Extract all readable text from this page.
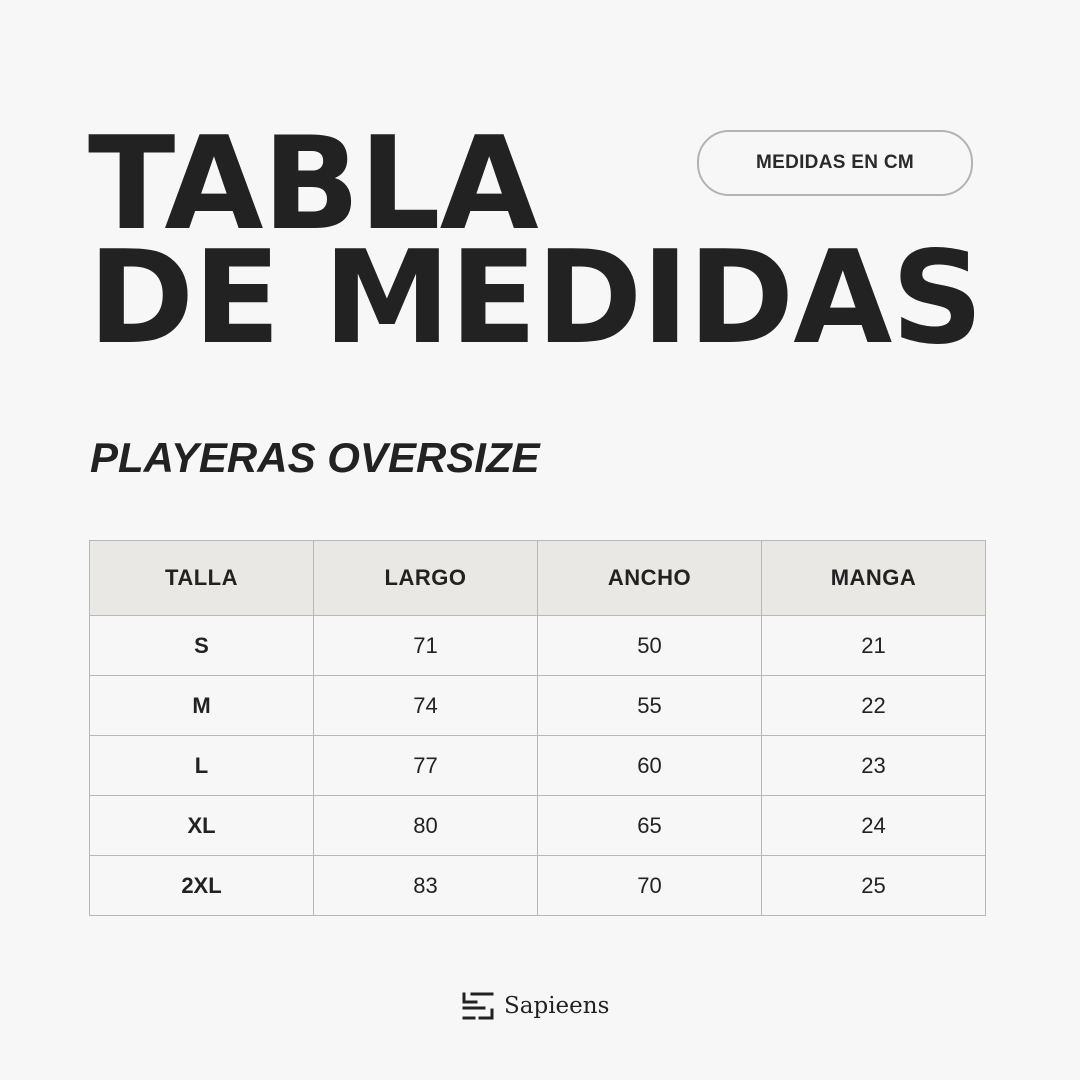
TABLA
DE MEDIDAS
MEDIDAS EN CM
PLAYERAS OVERSIZE
TALLA	LARGO	ANCHO	MANGA
S	71	50	21
M	74	55	22
L	77	60	23
XL	80	65	24
2XL	83	70	25
Sapieens
